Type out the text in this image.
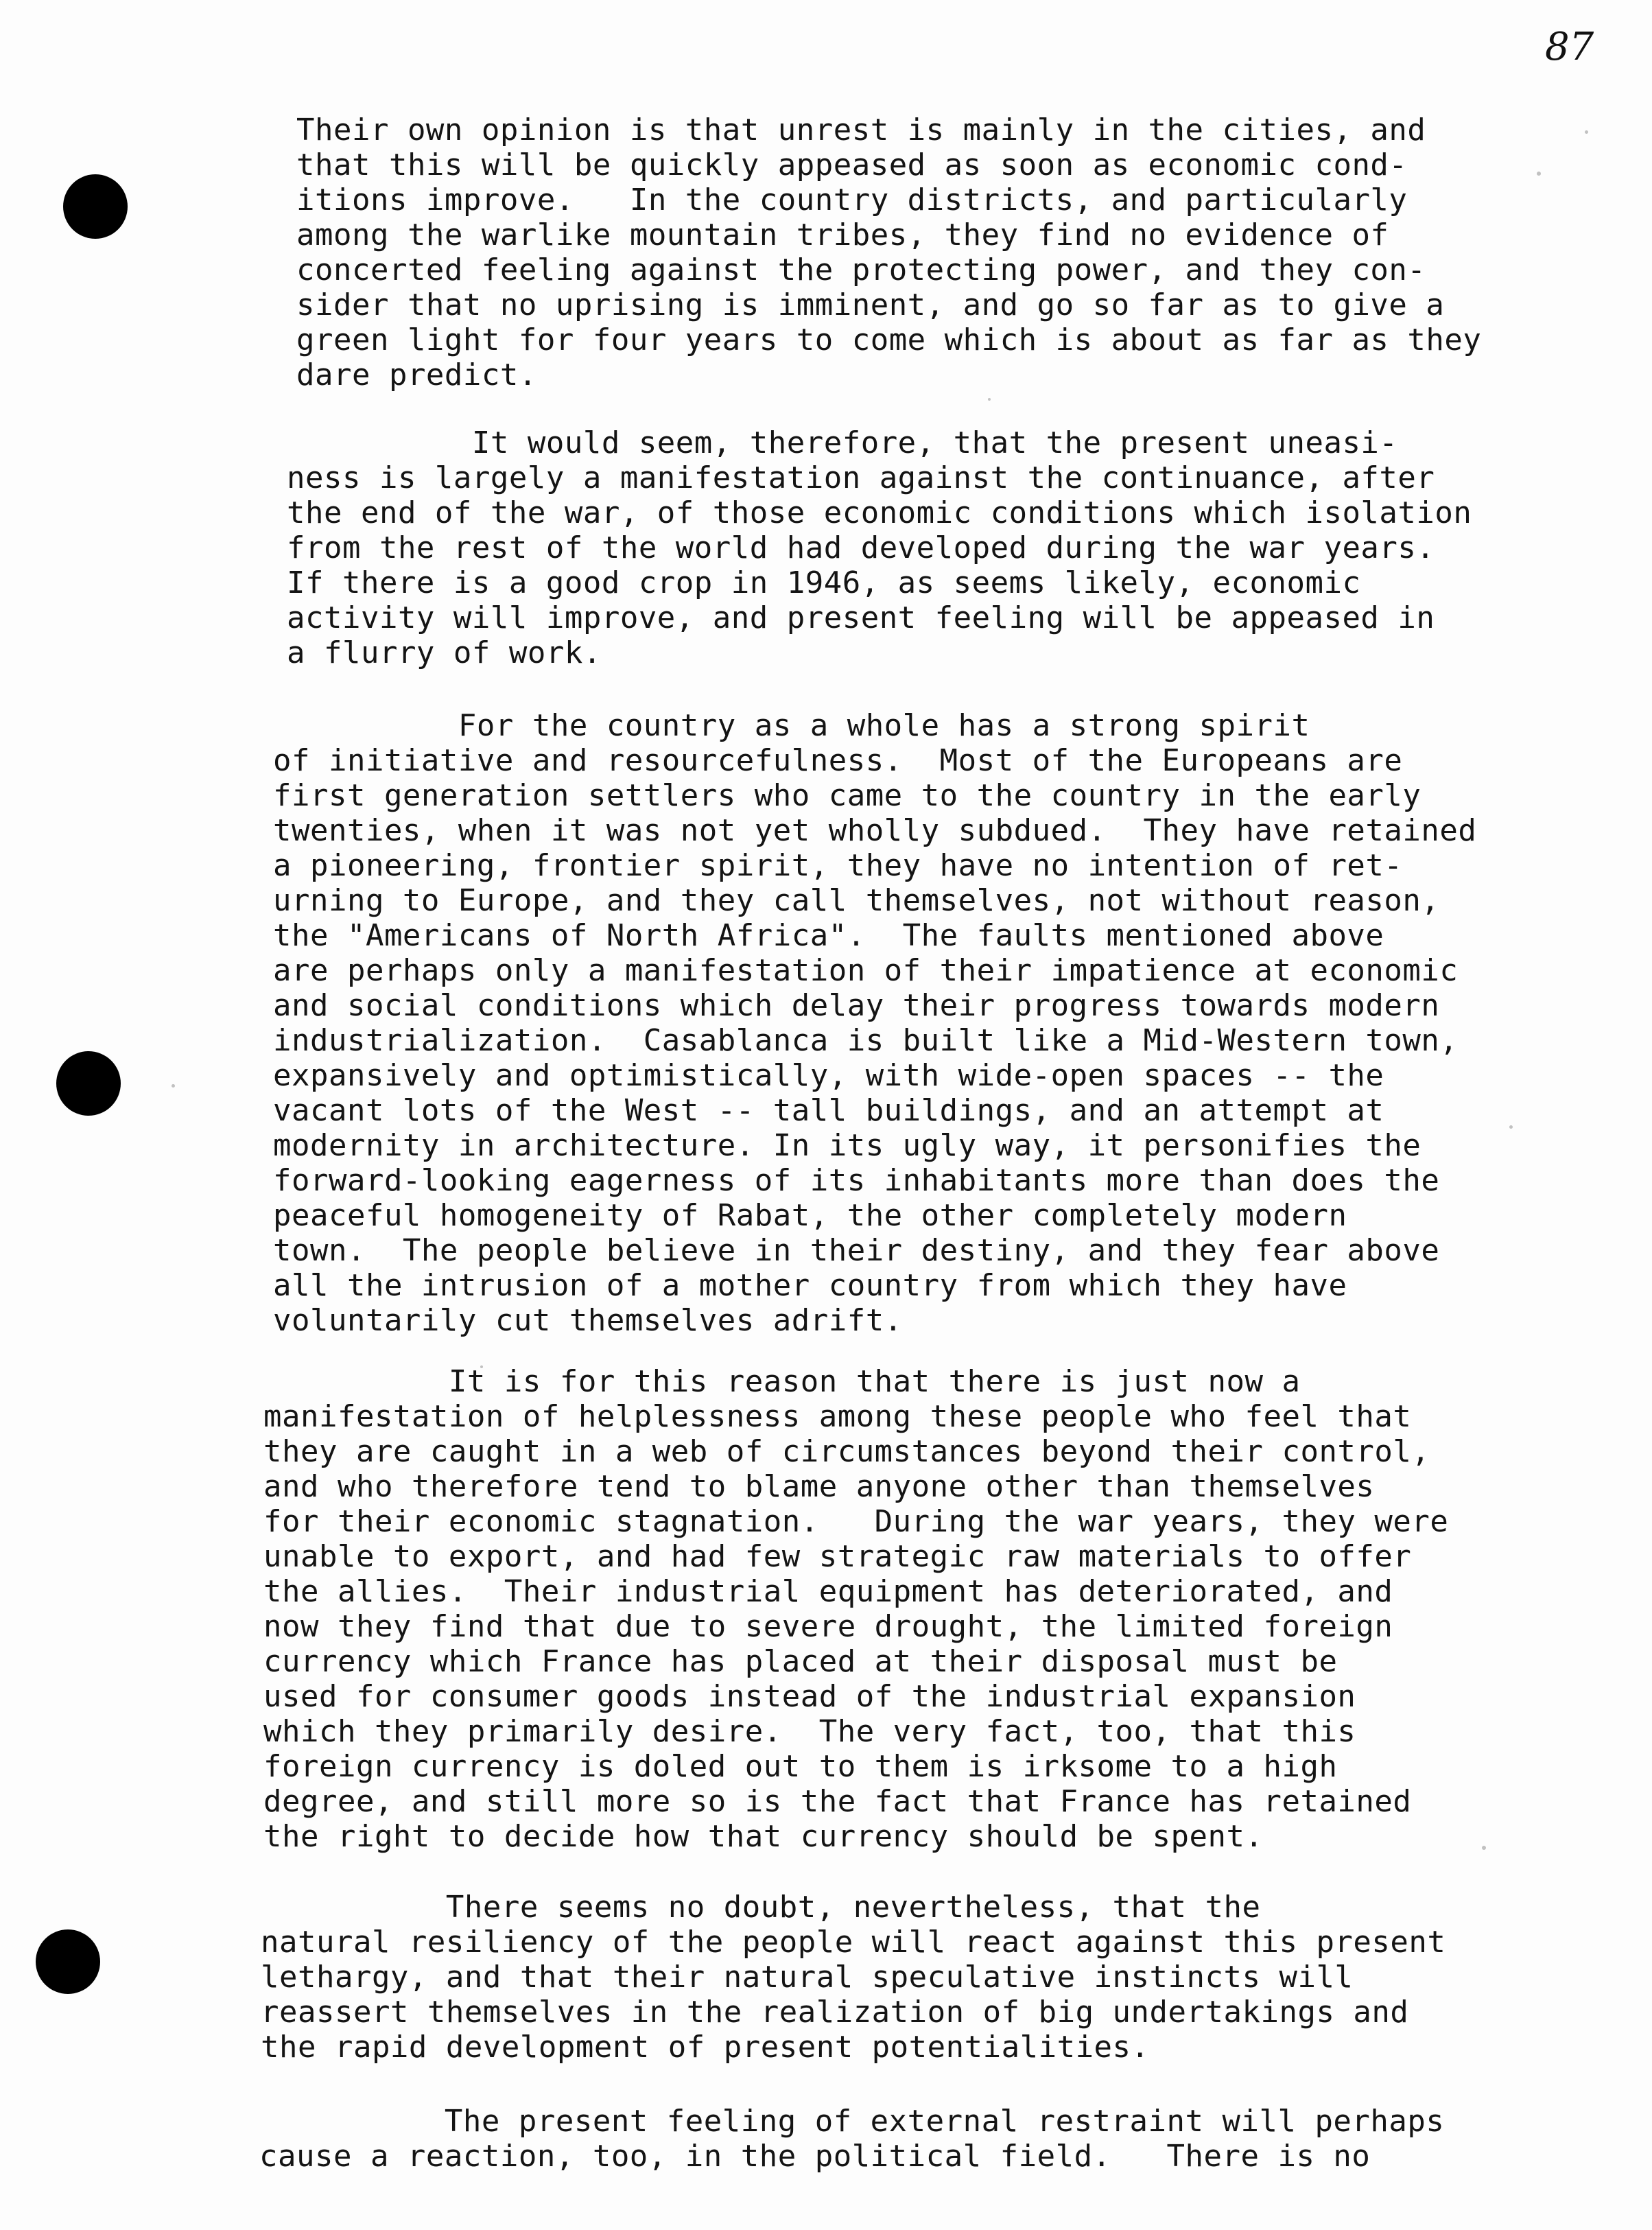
87
Their own opinion is that unrest is mainly in the cities, and
that this will be quickly appeased as soon as economic cond-
itions improve.   In the country districts, and particularly
among the warlike mountain tribes, they find no evidence of
concerted feeling against the protecting power, and they con-
sider that no uprising is imminent, and go so far as to give a
green light for four years to come which is about as far as they
dare predict.
It would seem, therefore, that the present uneasi-
ness is largely a manifestation against the continuance, after
the end of the war, of those economic conditions which isolation
from the rest of the world had developed during the war years.
If there is a good crop in 1946, as seems likely, economic
activity will improve, and present feeling will be appeased in
a flurry of work.
For the country as a whole has a strong spirit
of initiative and resourcefulness.  Most of the Europeans are
first generation settlers who came to the country in the early
twenties, when it was not yet wholly subdued.  They have retained
a pioneering, frontier spirit, they have no intention of ret-
urning to Europe, and they call themselves, not without reason,
the "Americans of North Africa".  The faults mentioned above
are perhaps only a manifestation of their impatience at economic
and social conditions which delay their progress towards modern
industrialization.  Casablanca is built like a Mid-Western town,
expansively and optimistically, with wide-open spaces -- the
vacant lots of the West -- tall buildings, and an attempt at
modernity in architecture. In its ugly way, it personifies the
forward-looking eagerness of its inhabitants more than does the
peaceful homogeneity of Rabat, the other completely modern
town.  The people believe in their destiny, and they fear above
all the intrusion of a mother country from which they have
voluntarily cut themselves adrift.
It is for this reason that there is just now a
manifestation of helplessness among these people who feel that
they are caught in a web of circumstances beyond their control,
and who therefore tend to blame anyone other than themselves
for their economic stagnation.   During the war years, they were
unable to export, and had few strategic raw materials to offer
the allies.  Their industrial equipment has deteriorated, and
now they find that due to severe drought, the limited foreign
currency which France has placed at their disposal must be
used for consumer goods instead of the industrial expansion
which they primarily desire.  The very fact, too, that this
foreign currency is doled out to them is irksome to a high
degree, and still more so is the fact that France has retained
the right to decide how that currency should be spent.
There seems no doubt, nevertheless, that the
natural resiliency of the people will react against this present
lethargy, and that their natural speculative instincts will
reassert themselves in the realization of big undertakings and
the rapid development of present potentialities.
The present feeling of external restraint will perhaps
cause a reaction, too, in the political field.   There is no
